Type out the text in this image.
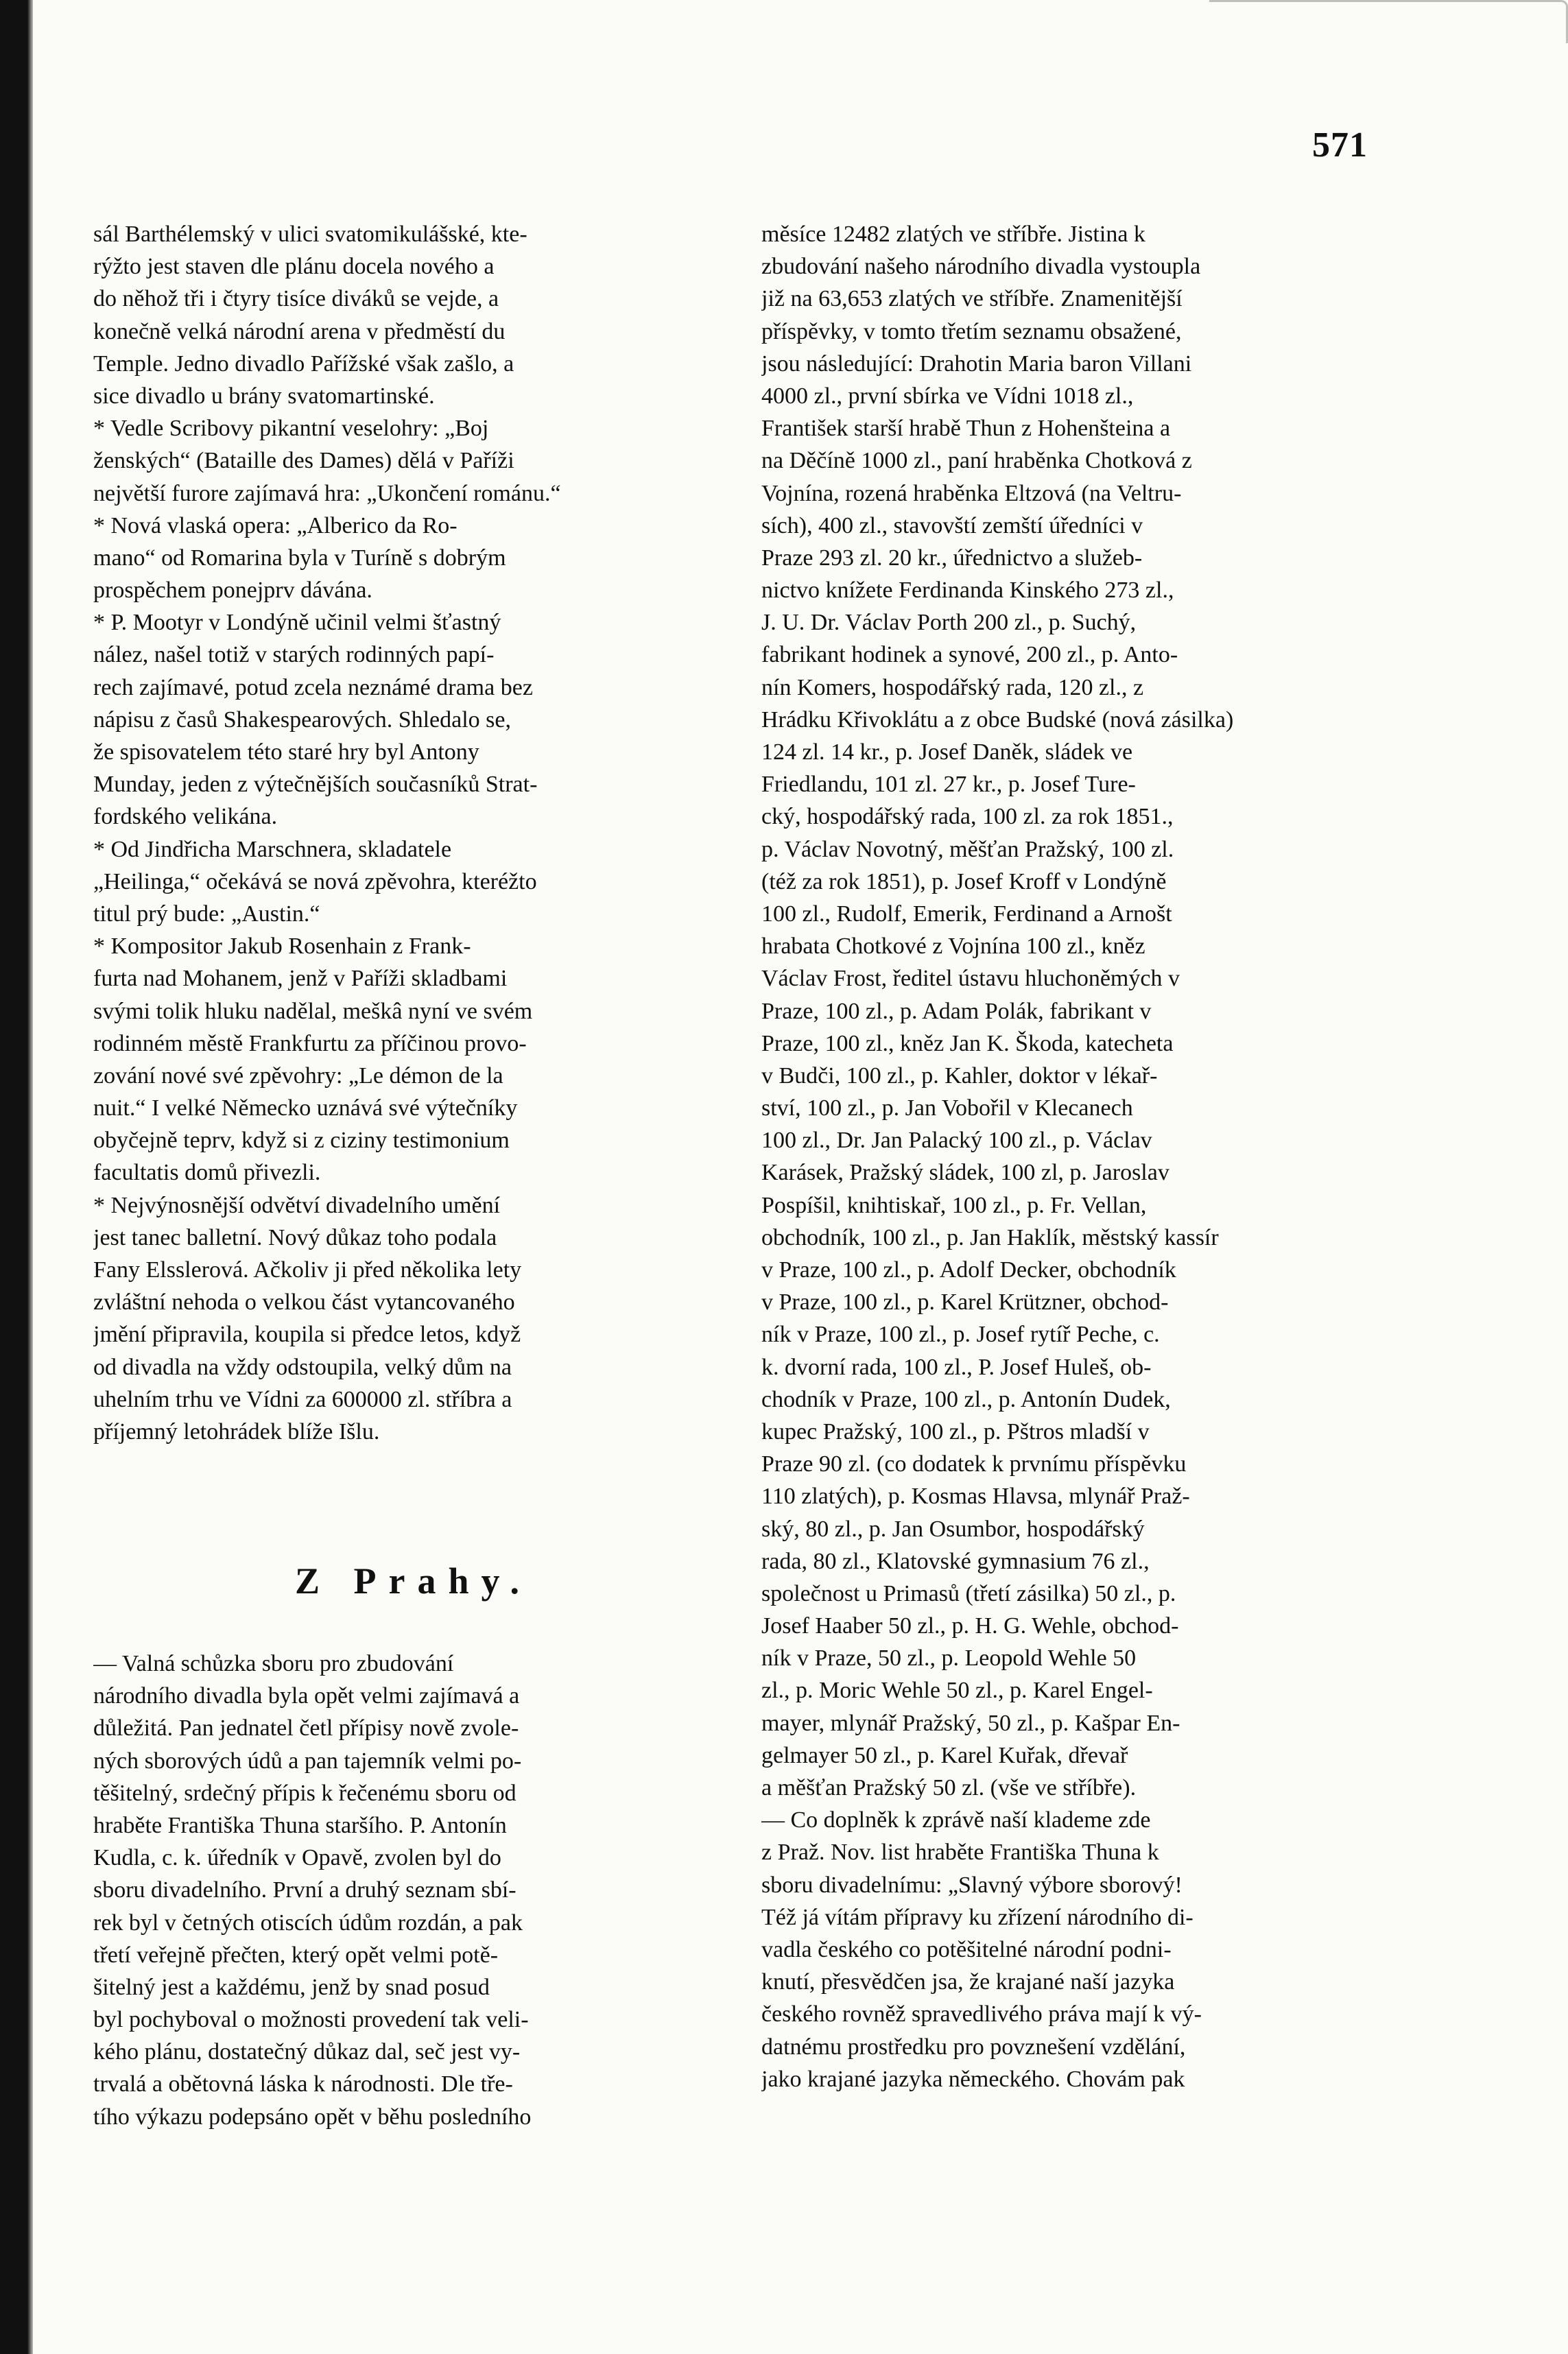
571
sál Barthélemský v ulici svatomikulášské, kte-
rýžto jest staven dle plánu docela nového a
do něhož tři i čtyry tisíce diváků se vejde, a
konečně velká národní arena v předměstí du
Temple. Jedno divadlo Pařížské však zašlo, a
sice divadlo u brány svatomartinské.
* Vedle Scribovy pikantní veselohry: „Boj
ženských“ (Bataille des Dames) dělá v Paříži
největší furore zajímavá hra: „Ukončení románu.“
* Nová vlaská opera: „Alberico da Ro-
mano“ od Romarina byla v Turíně s dobrým
prospěchem ponejprv dávána.
* P. Mootyr v Londýně učinil velmi šťastný
nález, našel totiž v starých rodinných papí-
rech zajímavé, potud zcela neznámé drama bez
nápisu z časů Shakespearových. Shledalo se,
že spisovatelem této staré hry byl Antony
Munday, jeden z výtečnějších současníků Strat-
fordského velikána.
* Od Jindřicha Marschnera, skladatele
„Heilinga,“ očekává se nová zpěvohra, kteréžto
titul prý bude: „Austin.“
* Kompositor Jakub Rosenhain z Frank-
furta nad Mohanem, jenž v Paříži skladbami
svými tolik hluku nadělal, meškâ nyní ve svém
rodinném městě Frankfurtu za příčinou provo-
zování nové své zpěvohry: „Le démon de la
nuit.“ I velké Německo uznává své výtečníky
obyčejně teprv, když si z ciziny testimonium
facultatis domů přivezli.
* Nejvýnosnější odvětví divadelního umění
jest tanec balletní. Nový důkaz toho podala
Fany Elsslerová. Ačkoliv ji před několika lety
zvláštní nehoda o velkou část vytancovaného
jmění připravila, koupila si předce letos, když
od divadla na vždy odstoupila, velký dům na
uhelním trhu ve Vídni za 600000 zl. stříbra a
příjemný letohrádek blíže Išlu.
Z Prahy.
— Valná schůzka sboru pro zbudování
národního divadla byla opět velmi zajímavá a
důležitá. Pan jednatel četl přípisy nově zvole-
ných sborových údů a pan tajemník velmi po-
těšitelný, srdečný přípis k řečenému sboru od
hraběte Františka Thuna staršího. P. Antonín
Kudla, c. k. úředník v Opavě, zvolen byl do
sboru divadelního. První a druhý seznam sbí-
rek byl v četných otiscích údům rozdán, a pak
třetí veřejně přečten, který opět velmi potě-
šitelný jest a každému, jenž by snad posud
byl pochyboval o možnosti provedení tak veli-
kého plánu, dostatečný důkaz dal, seč jest vy-
trvalá a obětovná láska k národnosti. Dle tře-
tího výkazu podepsáno opět v běhu posledního
měsíce 12482 zlatých ve stříbře. Jistina k
zbudování našeho národního divadla vystoupla
již na 63,653 zlatých ve stříbře. Znamenitější
příspěvky, v tomto třetím seznamu obsažené,
jsou následující: Drahotin Maria baron Villani
4000 zl., první sbírka ve Vídni 1018 zl.,
František starší hrabě Thun z Hohenšteina a
na Děčíně 1000 zl., paní hraběnka Chotková z
Vojnína, rozená hraběnka Eltzová (na Veltru-
sích), 400 zl., stavovští zemští úředníci v
Praze 293 zl. 20 kr., úřednictvo a služeb-
nictvo knížete Ferdinanda Kinského 273 zl.,
J. U. Dr. Václav Porth 200 zl., p. Suchý,
fabrikant hodinek a synové, 200 zl., p. Anto-
nín Komers, hospodářský rada, 120 zl., z
Hrádku Křivoklátu a z obce Budské (nová zásilka)
124 zl. 14 kr., p. Josef Daněk, sládek ve
Friedlandu, 101 zl. 27 kr., p. Josef Ture-
cký, hospodářský rada, 100 zl. za rok 1851.,
p. Václav Novotný, měšťan Pražský, 100 zl.
(též za rok 1851), p. Josef Kroff v Londýně
100 zl., Rudolf, Emerik, Ferdinand a Arnošt
hrabata Chotkové z Vojnína 100 zl., kněz
Václav Frost, ředitel ústavu hluchoněmých v
Praze, 100 zl., p. Adam Polák, fabrikant v
Praze, 100 zl., kněz Jan K. Škoda, katecheta
v Budči, 100 zl., p. Kahler, doktor v lékař-
ství, 100 zl., p. Jan Vobořil v Klecanech
100 zl., Dr. Jan Palacký 100 zl., p. Václav
Karásek, Pražský sládek, 100 zl, p. Jaroslav
Pospíšil, knihtiskař, 100 zl., p. Fr. Vellan,
obchodník, 100 zl., p. Jan Haklík, městský kassír
v Praze, 100 zl., p. Adolf Decker, obchodník
v Praze, 100 zl., p. Karel Krützner, obchod-
ník v Praze, 100 zl., p. Josef rytíř Peche, c.
k. dvorní rada, 100 zl., P. Josef Huleš, ob-
chodník v Praze, 100 zl., p. Antonín Dudek,
kupec Pražský, 100 zl., p. Pštros mladší v
Praze 90 zl. (co dodatek k prvnímu příspěvku
110 zlatých), p. Kosmas Hlavsa, mlynář Praž-
ský, 80 zl., p. Jan Osumbor, hospodářský
rada, 80 zl., Klatovské gymnasium 76 zl.,
společnost u Primasů (třetí zásilka) 50 zl., p.
Josef Haaber 50 zl., p. H. G. Wehle, obchod-
ník v Praze, 50 zl., p. Leopold Wehle 50
zl., p. Moric Wehle 50 zl., p. Karel Engel-
mayer, mlynář Pražský, 50 zl., p. Kašpar En-
gelmayer 50 zl., p. Karel Kuřak, dřevař
a měšťan Pražský 50 zl. (vše ve stříbře).
— Co doplněk k zprávě naší klademe zde
z Praž. Nov. list hraběte Františka Thuna k
sboru divadelnímu: „Slavný výbore sborový!
Též já vítám přípravy ku zřízení národního di-
vadla českého co potěšitelné národní podni-
knutí, přesvědčen jsa, že krajané naší jazyka
českého rovněž spravedlivého práva mají k vý-
datnému prostředku pro povznešení vzdělání,
jako krajané jazyka německého. Chovám pak
